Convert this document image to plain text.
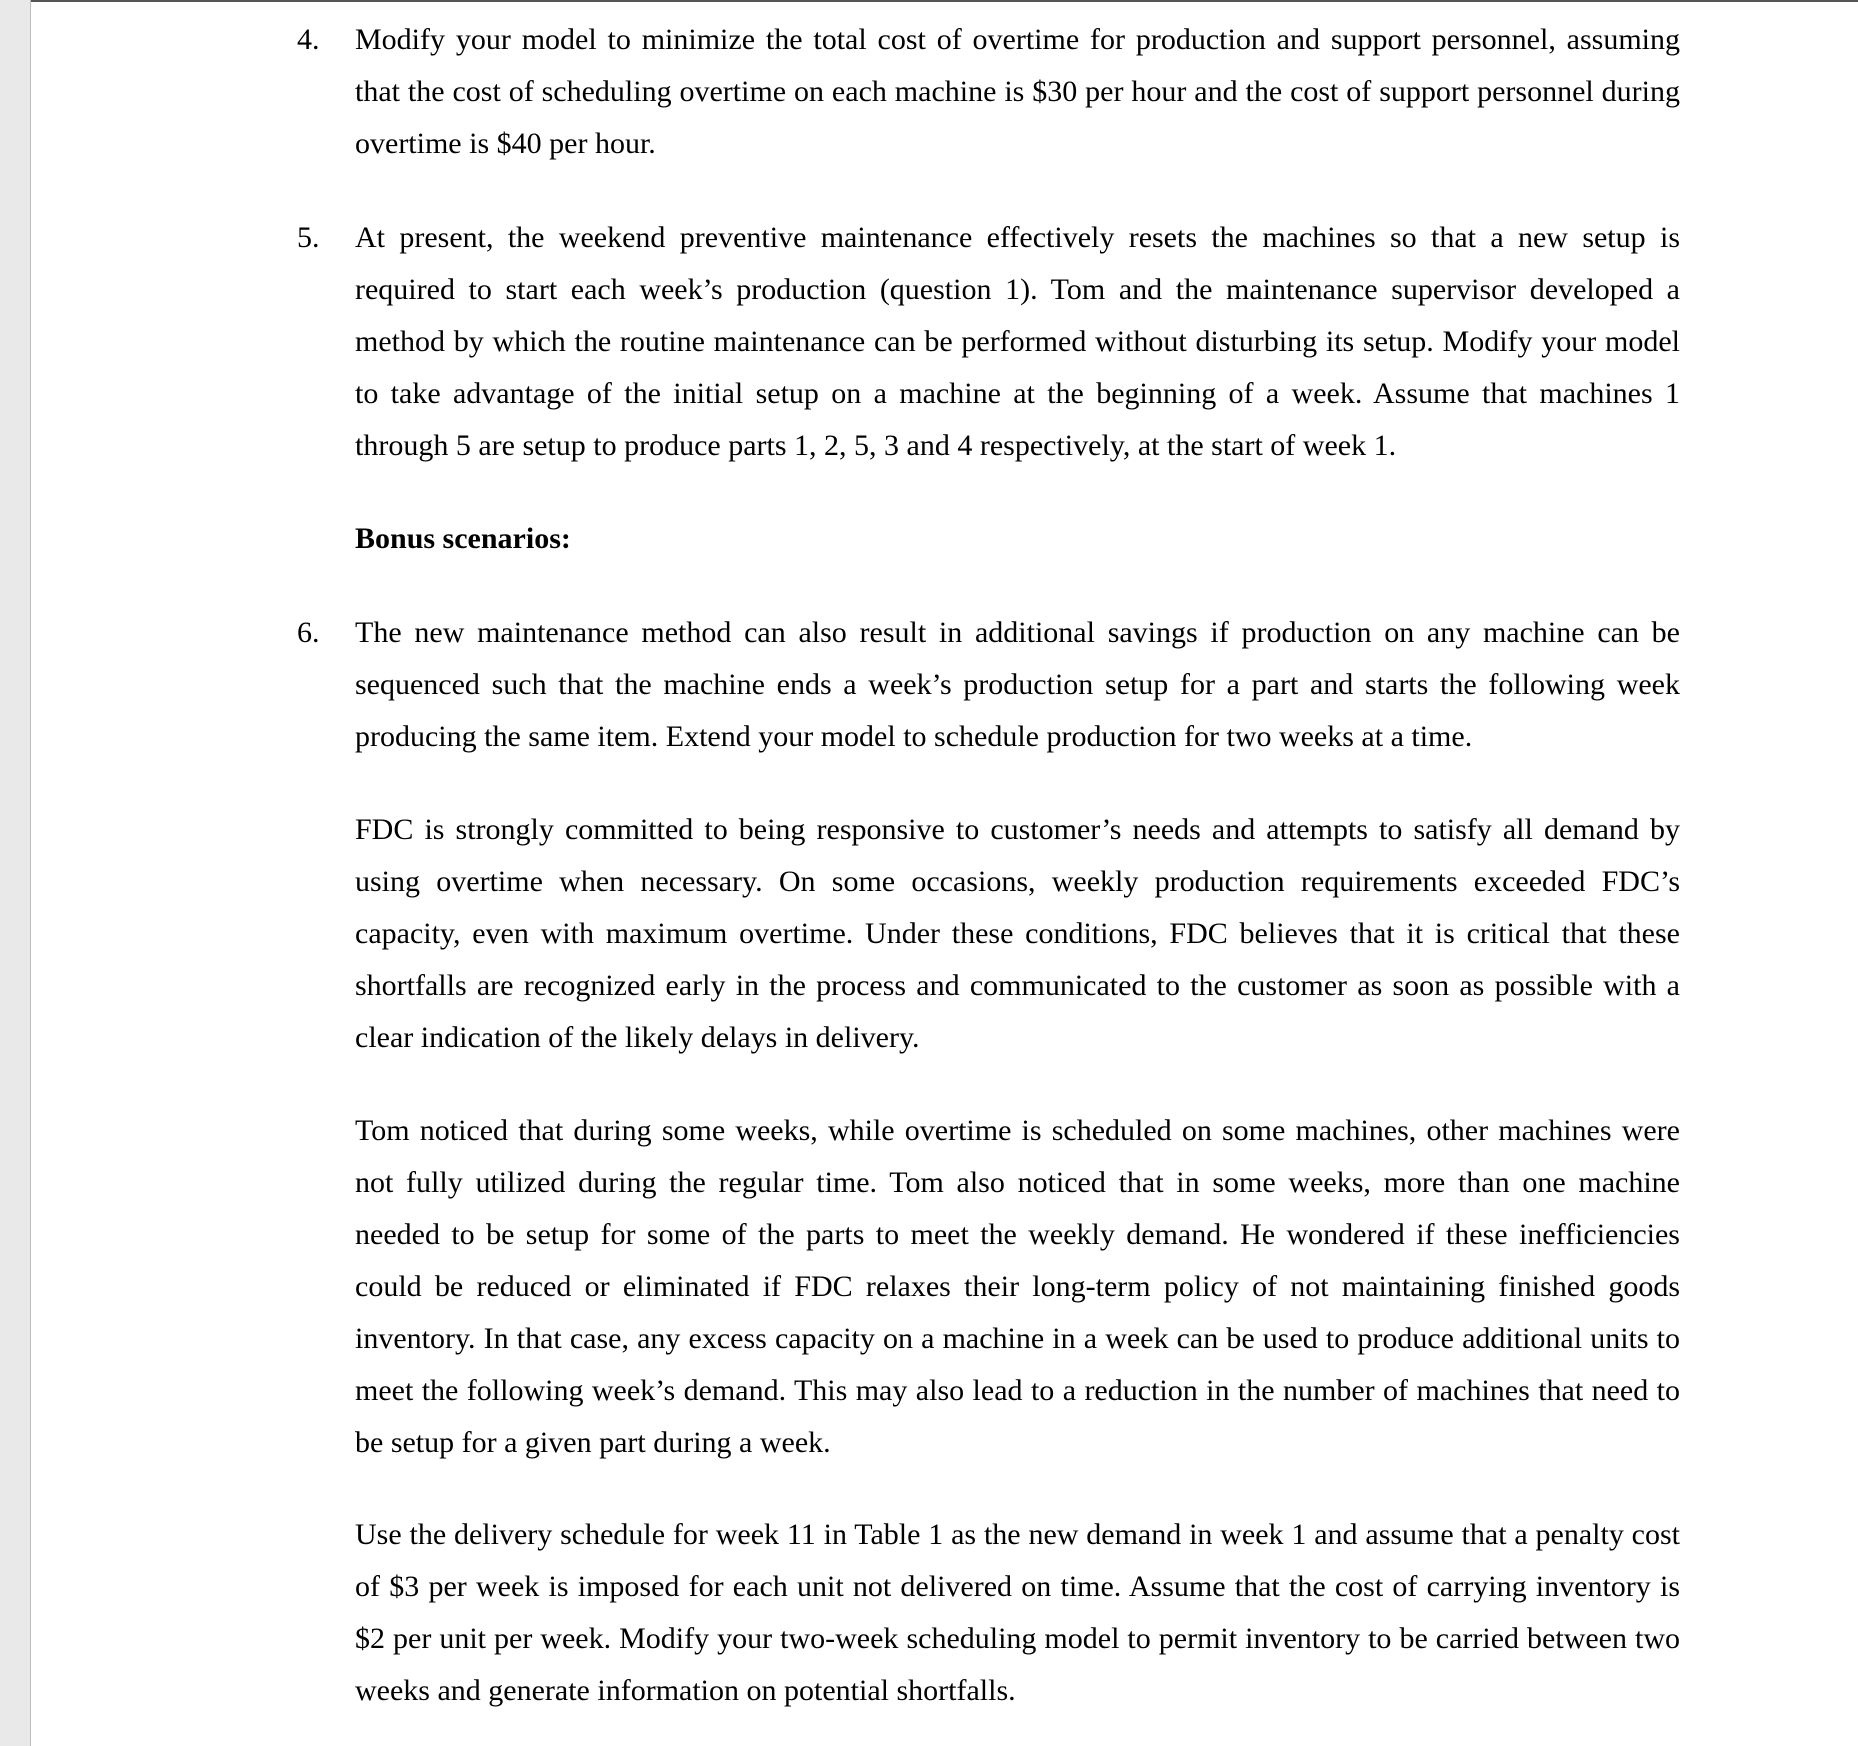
4. Modify your model to minimize the total cost of overtime for production and support personnel, assuming that the cost of scheduling overtime on each machine is $30 per hour and the cost of support personnel during overtime is $40 per hour.
5. At present, the weekend preventive maintenance effectively resets the machines so that a new setup is required to start each week’s production (question 1). Tom and the maintenance supervisor developed a method by which the routine maintenance can be performed without disturbing its setup. Modify your model to take advantage of the initial setup on a machine at the beginning of a week. Assume that machines 1 through 5 are setup to produce parts 1, 2, 5, 3 and 4 respectively, at the start of week 1.
Bonus scenarios:
6. The new maintenance method can also result in additional savings if production on any machine can be sequenced such that the machine ends a week’s production setup for a part and starts the following week producing the same item. Extend your model to schedule production for two weeks at a time.
FDC is strongly committed to being responsive to customer’s needs and attempts to satisfy all demand by using overtime when necessary. On some occasions, weekly production requirements exceeded FDC’s capacity, even with maximum overtime. Under these conditions, FDC believes that it is critical that these shortfalls are recognized early in the process and communicated to the customer as soon as possible with a clear indication of the likely delays in delivery.
Tom noticed that during some weeks, while overtime is scheduled on some machines, other machines were not fully utilized during the regular time. Tom also noticed that in some weeks, more than one machine needed to be setup for some of the parts to meet the weekly demand. He wondered if these inefficiencies could be reduced or eliminated if FDC relaxes their long-term policy of not maintaining finished goods inventory. In that case, any excess capacity on a machine in a week can be used to produce additional units to meet the following week’s demand. This may also lead to a reduction in the number of machines that need to be setup for a given part during a week.
Use the delivery schedule for week 11 in Table 1 as the new demand in week 1 and assume that a penalty cost of $3 per week is imposed for each unit not delivered on time. Assume that the cost of carrying inventory is $2 per unit per week. Modify your two-week scheduling model to permit inventory to be carried between two weeks and generate information on potential shortfalls.
